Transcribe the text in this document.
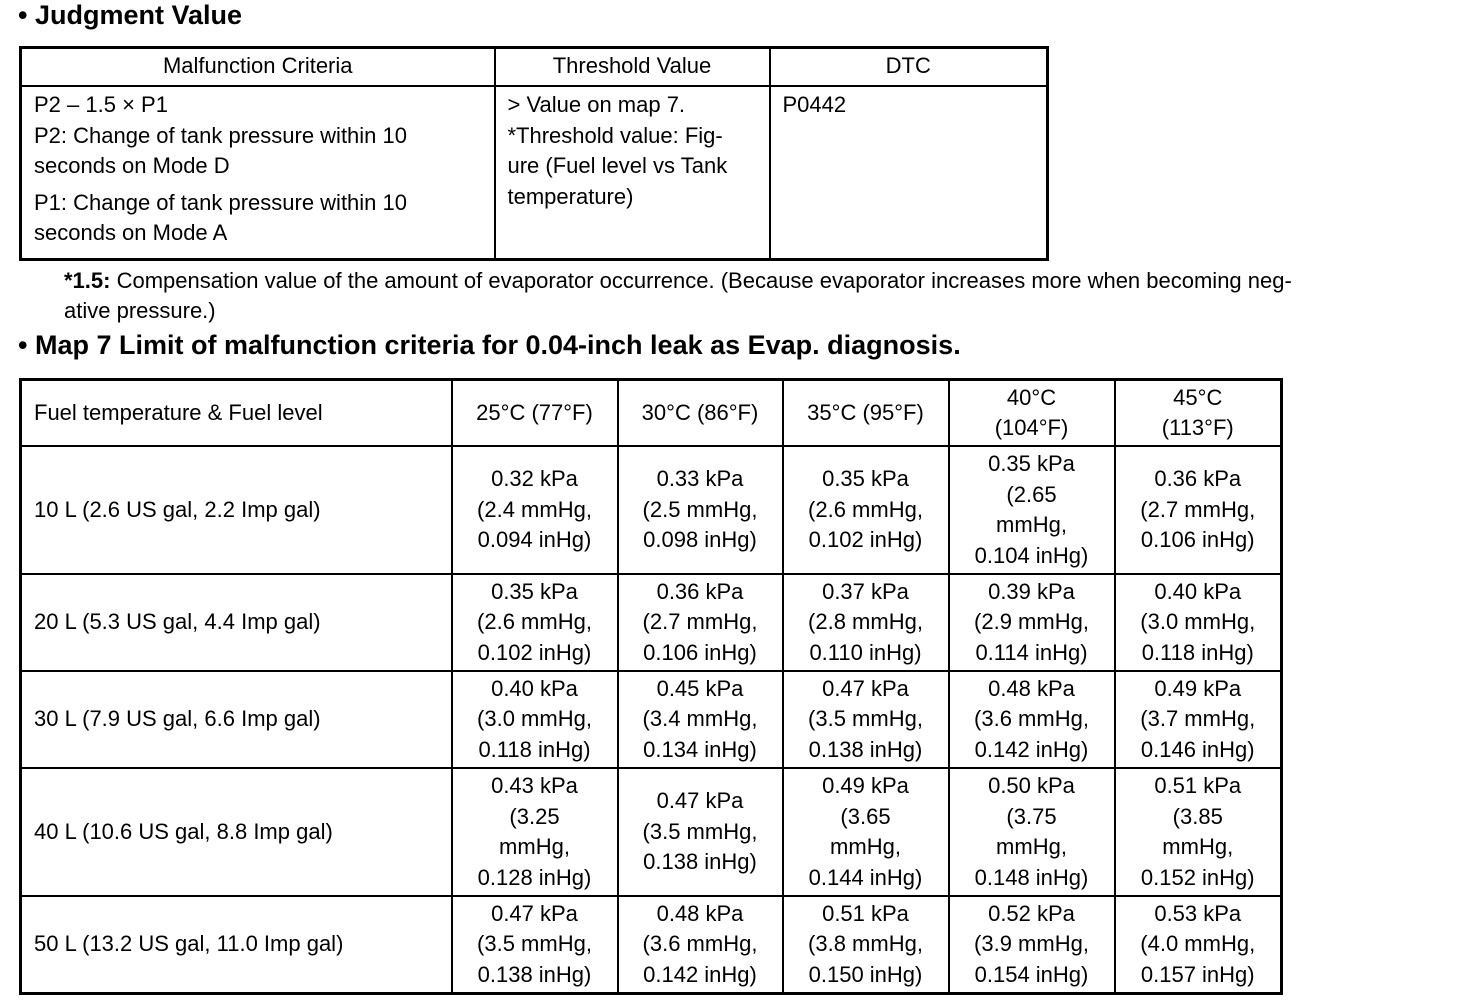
• Judgment Value
Malfunction Criteria	Threshold Value	DTC

P2 – 1.5 × P1
P2: Change of tank pressure within 10
seconds on Mode D
P1: Change of tank pressure within 10
seconds on Mode A	> Value on map 7.
*Threshold value: Fig-
ure (Fuel level vs Tank
temperature)	P0442
*1.5: Compensation value of the amount of evaporator occurrence. (Because evaporator increases more when becoming neg-
ative pressure.)
• Map 7 Limit of malfunction criteria for 0.04-inch leak as Evap. diagnosis.
Fuel temperature & Fuel level	25°C (77°F)	30°C (86°F)	35°C (95°F)	40°C
(104°F)	45°C
(113°F)

10 L (2.6 US gal, 2.2 Imp gal)	0.32 kPa
(2.4 mmHg,
0.094 inHg)	0.33 kPa
(2.5 mmHg,
0.098 inHg)	0.35 kPa
(2.6 mmHg,
0.102 inHg)	0.35 kPa
(2.65
mmHg,
0.104 inHg)	0.36 kPa
(2.7 mmHg,
0.106 inHg)

20 L (5.3 US gal, 4.4 Imp gal)	0.35 kPa
(2.6 mmHg,
0.102 inHg)	0.36 kPa
(2.7 mmHg,
0.106 inHg)	0.37 kPa
(2.8 mmHg,
0.110 inHg)	0.39 kPa
(2.9 mmHg,
0.114 inHg)	0.40 kPa
(3.0 mmHg,
0.118 inHg)

30 L (7.9 US gal, 6.6 Imp gal)	0.40 kPa
(3.0 mmHg,
0.118 inHg)	0.45 kPa
(3.4 mmHg,
0.134 inHg)	0.47 kPa
(3.5 mmHg,
0.138 inHg)	0.48 kPa
(3.6 mmHg,
0.142 inHg)	0.49 kPa
(3.7 mmHg,
0.146 inHg)

40 L (10.6 US gal, 8.8 Imp gal)	0.43 kPa
(3.25
mmHg,
0.128 inHg)	0.47 kPa
(3.5 mmHg,
0.138 inHg)	0.49 kPa
(3.65
mmHg,
0.144 inHg)	0.50 kPa
(3.75
mmHg,
0.148 inHg)	0.51 kPa
(3.85
mmHg,
0.152 inHg)

50 L (13.2 US gal, 11.0 Imp gal)	0.47 kPa
(3.5 mmHg,
0.138 inHg)	0.48 kPa
(3.6 mmHg,
0.142 inHg)	0.51 kPa
(3.8 mmHg,
0.150 inHg)	0.52 kPa
(3.9 mmHg,
0.154 inHg)	0.53 kPa
(4.0 mmHg,
0.157 inHg)
